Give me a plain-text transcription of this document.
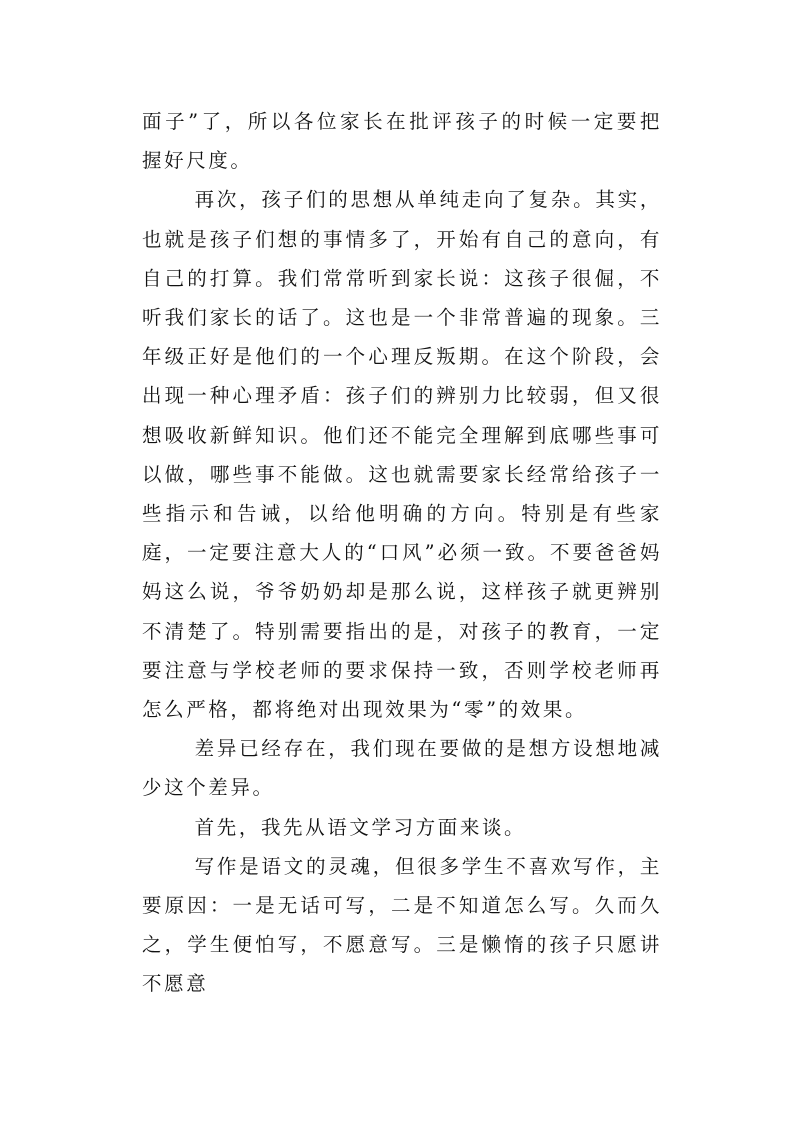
面子”了，所以各位家长在批评孩子的时候一定要把握好尺度。

再次，孩子们的思想从单纯走向了复杂。其实，也就是孩子们想的事情多了，开始有自己的意向，有自己的打算。我们常常听到家长说：这孩子很倔，不听我们家长的话了。这也是一个非常普遍的现象。三年级正好是他们的一个心理反叛期。在这个阶段，会出现一种心理矛盾：孩子们的辨别力比较弱，但又很想吸收新鲜知识。他们还不能完全理解到底哪些事可以做，哪些事不能做。这也就需要家长经常给孩子一些指示和告诫，以给他明确的方向。特别是有些家庭，一定要注意大人的“口风”必须一致。不要爸爸妈妈这么说，爷爷奶奶却是那么说，这样孩子就更辨别不清楚了。特别需要指出的是，对孩子的教育，一定要注意与学校老师的要求保持一致，否则学校老师再怎么严格，都将绝对出现效果为“零”的效果。

差异已经存在，我们现在要做的是想方设想地减少这个差异。

首先，我先从语文学习方面来谈。

写作是语文的灵魂，但很多学生不喜欢写作，主要原因：一是无话可写，二是不知道怎么写。久而久之，学生便怕写，不愿意写。三是懒惰的孩子只愿讲不愿意
